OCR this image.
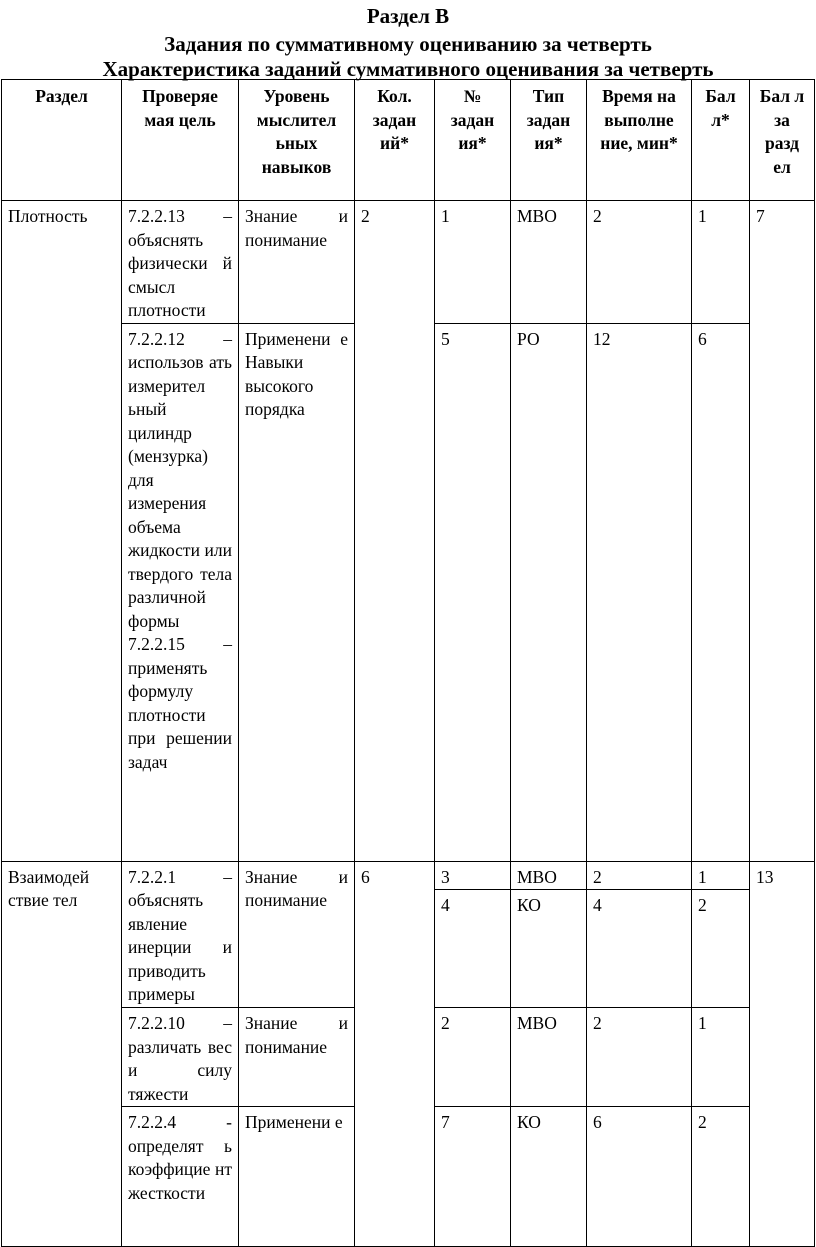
Раздел В
Задания по суммативному оцениванию за четверть
Характеристика заданий суммативного оценивания за четверть
Раздел	Проверяе мая цель	Уровень мыслител ьных навыков	Кол. задан ий*	№ задан ия*	Тип задан ия*	Время на выполне ние, мин*	Бал л*	Бал л за разд ел
Плотность	7.2.2.13 – объяснять физически й смысл плотности	Знание и понимание	2	1	МВО	2	1	7
	7.2.2.12 – использов ать измерител ьный цилиндр (мензурка) для измерения объема жидкости или твердого тела различной формы 7.2.2.15 – применять формулу плотности при решении задач	Применени е Навыки высокого порядка		5	РО	12	6	
Взаимодей ствие тел	7.2.2.1 – объяснять явление инерции и приводить примеры	Знание и понимание	6	3	МВО	2	1	13
				4	КО	4	2	
	7.2.2.10 – различать вес и силу тяжести	Знание и понимание		2	МВО	2	1	
	7.2.2.4 - определят ь коэффицие нт жесткости	Применени е		7	КО	6	2	
